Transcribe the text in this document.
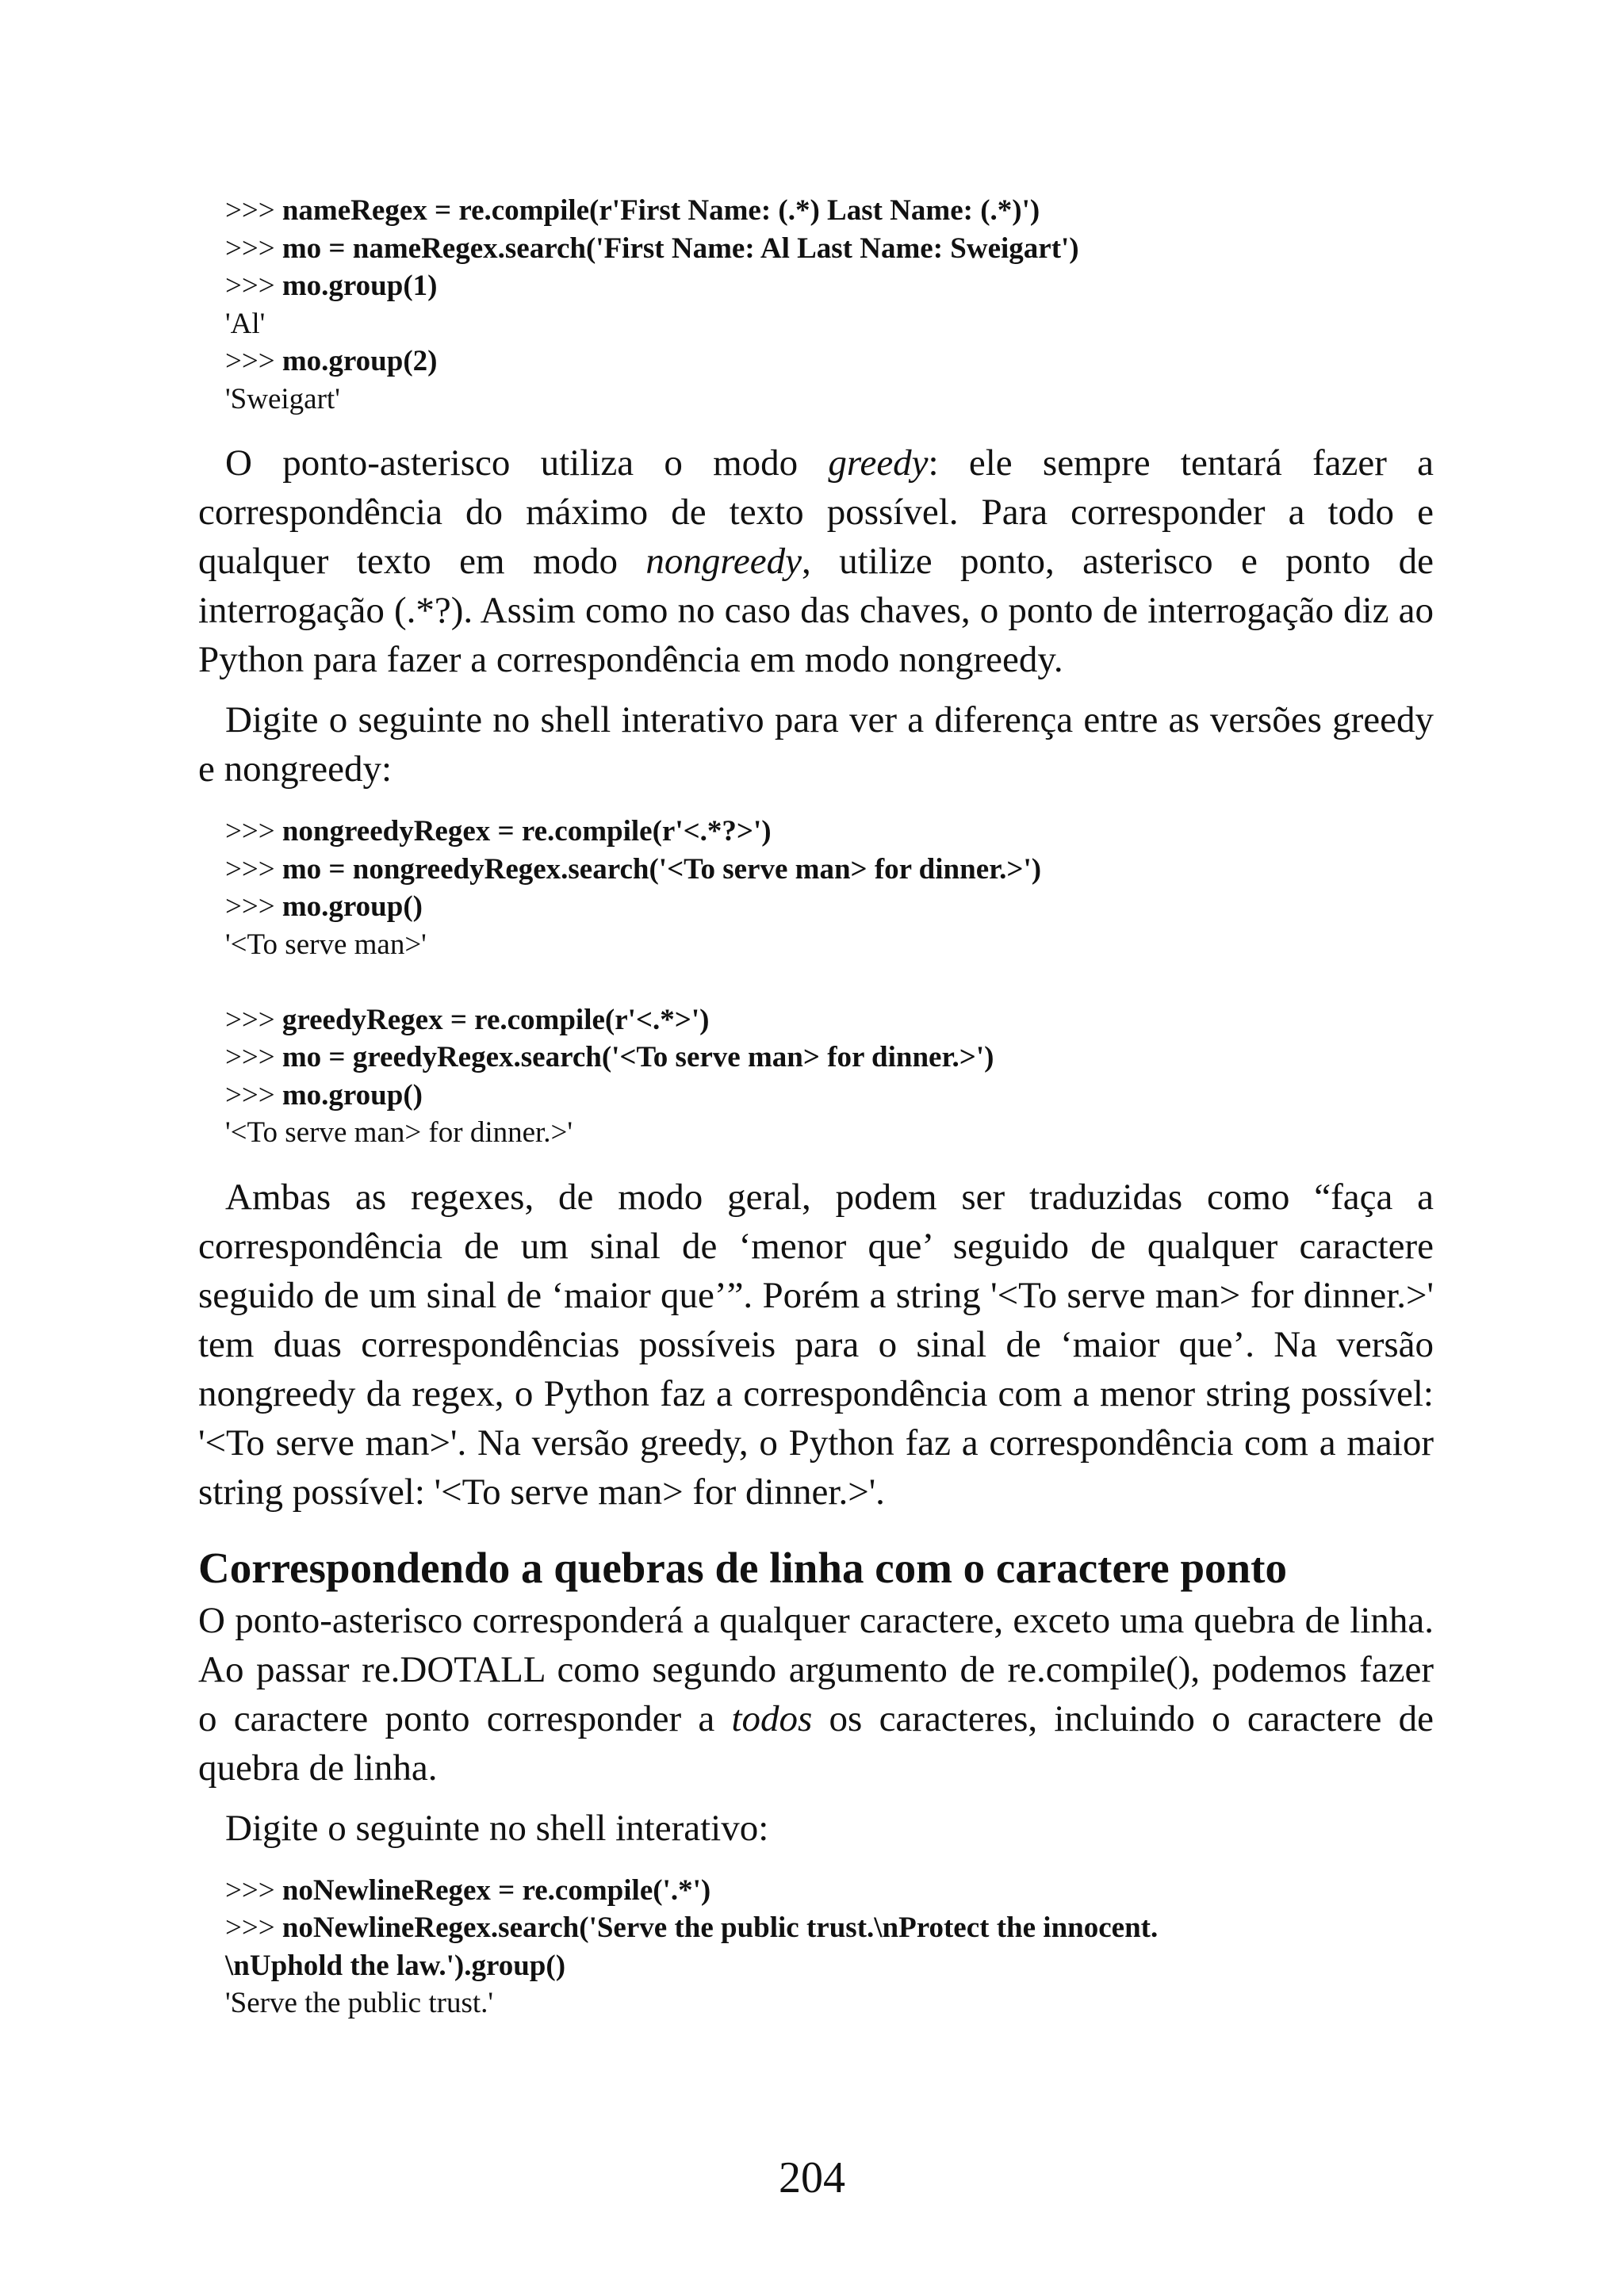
>>> nameRegex = re.compile(r'First Name: (.*) Last Name: (.*)')
>>> mo = nameRegex.search('First Name: Al Last Name: Sweigart')
>>> mo.group(1)
'Al'
>>> mo.group(2)
'Sweigart'

O ponto-asterisco utiliza o modo greedy: ele sempre tentará fazer a correspondência do máximo de texto possível. Para corresponder a todo e qualquer texto em modo nongreedy, utilize ponto, asterisco e ponto de interrogação (.*?). Assim como no caso das chaves, o ponto de interrogação diz ao Python para fazer a correspondência em modo nongreedy.

Digite o seguinte no shell interativo para ver a diferença entre as versões greedy e nongreedy:

>>> nongreedyRegex = re.compile(r'<.*?>')
>>> mo = nongreedyRegex.search('<To serve man> for dinner.>')
>>> mo.group()
'<To serve man>'
>>> greedyRegex = re.compile(r'<.*>')
>>> mo = greedyRegex.search('<To serve man> for dinner.>')
>>> mo.group()
'<To serve man> for dinner.>'

Ambas as regexes, de modo geral, podem ser traduzidas como “faça a correspondência de um sinal de ‘menor que’ seguido de qualquer caractere seguido de um sinal de ‘maior que’”. Porém a string '<To serve man> for dinner.>' tem duas correspondências possíveis para o sinal de ‘maior que’. Na versão nongreedy da regex, o Python faz a correspondência com a menor string possível: '<To serve man>'. Na versão greedy, o Python faz a correspondência com a maior string possível: '<To serve man> for dinner.>'.

Correspondendo a quebras de linha com o caractere ponto

O ponto-asterisco corresponderá a qualquer caractere, exceto uma quebra de linha. Ao passar re.DOTALL como segundo argumento de re.compile(), podemos fazer o caractere ponto corresponder a todos os caracteres, incluindo o caractere de quebra de linha.

Digite o seguinte no shell interativo:

>>> noNewlineRegex = re.compile('.*')
>>> noNewlineRegex.search('Serve the public trust.\nProtect the innocent.
\nUphold the law.').group()
'Serve the public trust.'
204
